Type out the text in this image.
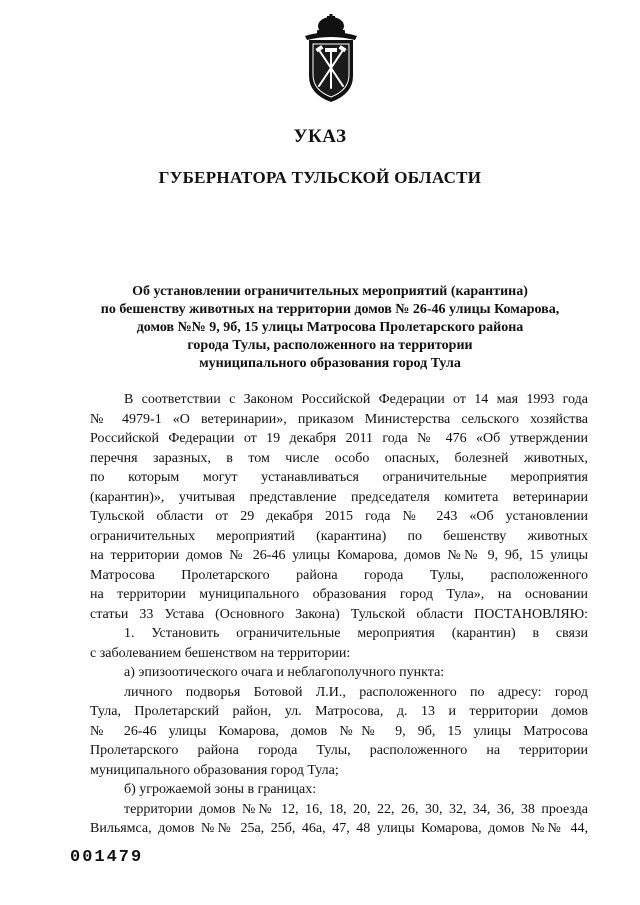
УКАЗ
ГУБЕРНАТОРА ТУЛЬСКОЙ ОБЛАСТИ
Об установлении ограничительных мероприятий (карантина)
по бешенству животных на территории домов № 26-46 улицы Комарова,
домов №№ 9, 9б, 15 улицы Матросова Пролетарского района
города Тулы, расположенного на территории
муниципального образования город Тула
В соответствии с Законом Российской Федерации от 14 мая 1993 года
№ 4979-1 «О ветеринарии», приказом Министерства сельского хозяйства
Российской Федерации от 19 декабря 2011 года № 476 «Об утверждении
перечня заразных, в том числе особо опасных, болезней животных,
по которым могут устанавливаться ограничительные мероприятия
(карантин)», учитывая представление председателя комитета ветеринарии
Тульской области от 29 декабря 2015 года № 243 «Об установлении
ограничительных мероприятий (карантина) по бешенству животных
на территории домов № 26-46 улицы Комарова, домов №№ 9, 9б, 15 улицы
Матросова Пролетарского района города Тулы, расположенного
на территории муниципального образования город Тула», на основании
статьи 33 Устава (Основного Закона) Тульской области ПОСТАНОВЛЯЮ:
1. Установить ограничительные мероприятия (карантин) в связи
с заболеванием бешенством на территории:
а) эпизоотического очага и неблагополучного пункта:
личного подворья Ботовой Л.И., расположенного по адресу: город
Тула, Пролетарский район, ул. Матросова, д. 13 и территории домов
№ 26-46 улицы Комарова, домов №№ 9, 9б, 15 улицы Матросова
Пролетарского района города Тулы, расположенного на территории
муниципального образования город Тула;
б) угрожаемой зоны в границах:
территории домов №№ 12, 16, 18, 20, 22, 26, 30, 32, 34, 36, 38 проезда
Вильямса, домов №№ 25а, 25б, 46а, 47, 48 улицы Комарова, домов №№ 44,
001479
